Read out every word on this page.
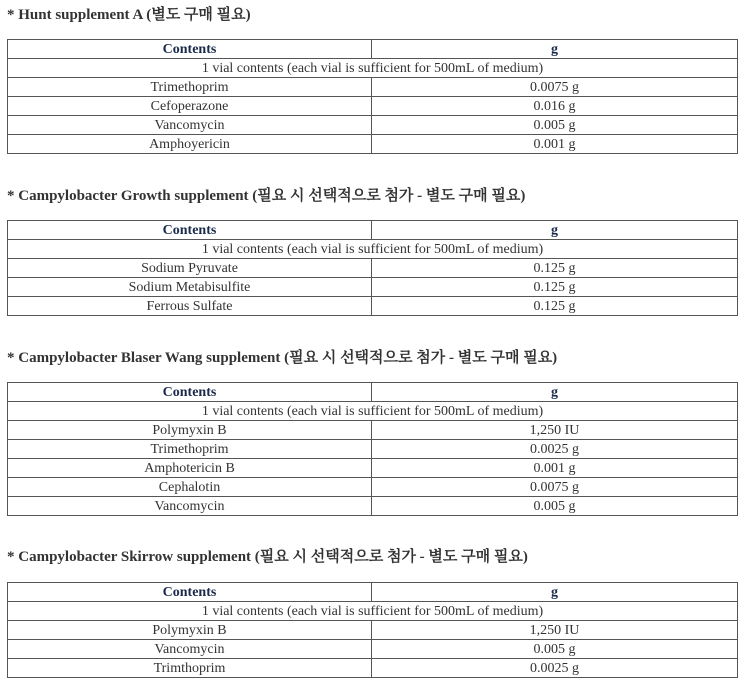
* Hunt supplement A (별도 구매 필요)
Contents	g
1 vial contents (each vial is sufficient for 500mL of medium)	
Trimethoprim	0.0075 g
Cefoperazone	0.016 g
Vancomycin	0.005 g
Amphoyericin	0.001 g
* Campylobacter Growth supplement (필요 시 선택적으로 첨가 - 별도 구매 필요)
Contents	g
1 vial contents (each vial is sufficient for 500mL of medium)	
Sodium Pyruvate	0.125 g
Sodium Metabisulfite	0.125 g
Ferrous Sulfate	0.125 g
* Campylobacter Blaser Wang supplement (필요 시 선택적으로 첨가 - 별도 구매 필요)
Contents	g
1 vial contents (each vial is sufficient for 500mL of medium)	
Polymyxin B	1,250 IU
Trimethoprim	0.0025 g
Amphotericin B	0.001 g
Cephalotin	0.0075 g
Vancomycin	0.005 g
* Campylobacter Skirrow supplement (필요 시 선택적으로 첨가 - 별도 구매 필요)
Contents	g
1 vial contents (each vial is sufficient for 500mL of medium)	
Polymyxin B	1,250 IU
Vancomycin	0.005 g
Trimthoprim	0.0025 g
